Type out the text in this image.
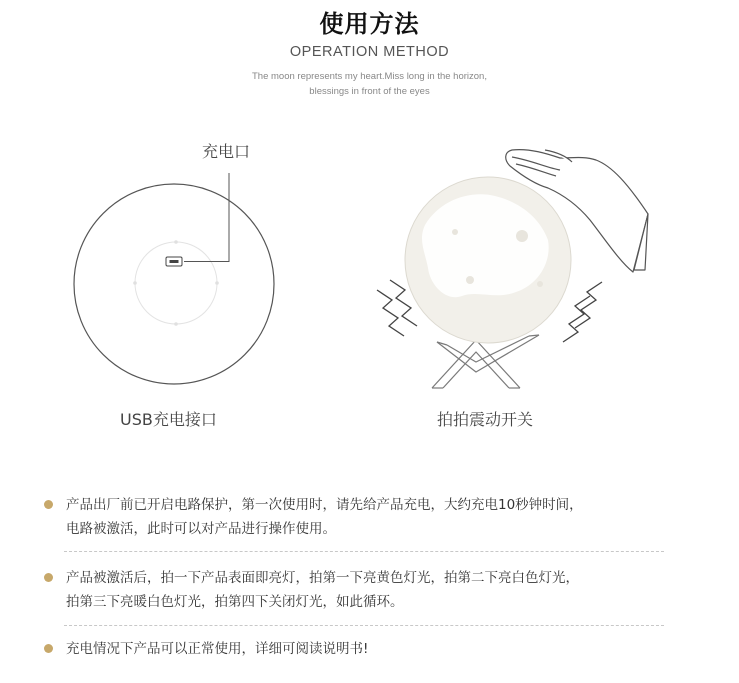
使用方法
OPERATION METHOD
The moon represents my heart.Miss long in the horizon,
blessings in front of the eyes
充电口
USB充电接口	拍拍震动开关
产品出厂前已开启电路保护，第一次使用时，请先给产品充电，大约充电10秒钟时间，
电路被激活，此时可以对产品进行操作使用。
产品被激活后，拍一下产品表面即亮灯，拍第一下亮黄色灯光，拍第二下亮白色灯光，
拍第三下亮暖白色灯光，拍第四下关闭灯光，如此循环。
充电情况下产品可以正常使用，详细可阅读说明书!
